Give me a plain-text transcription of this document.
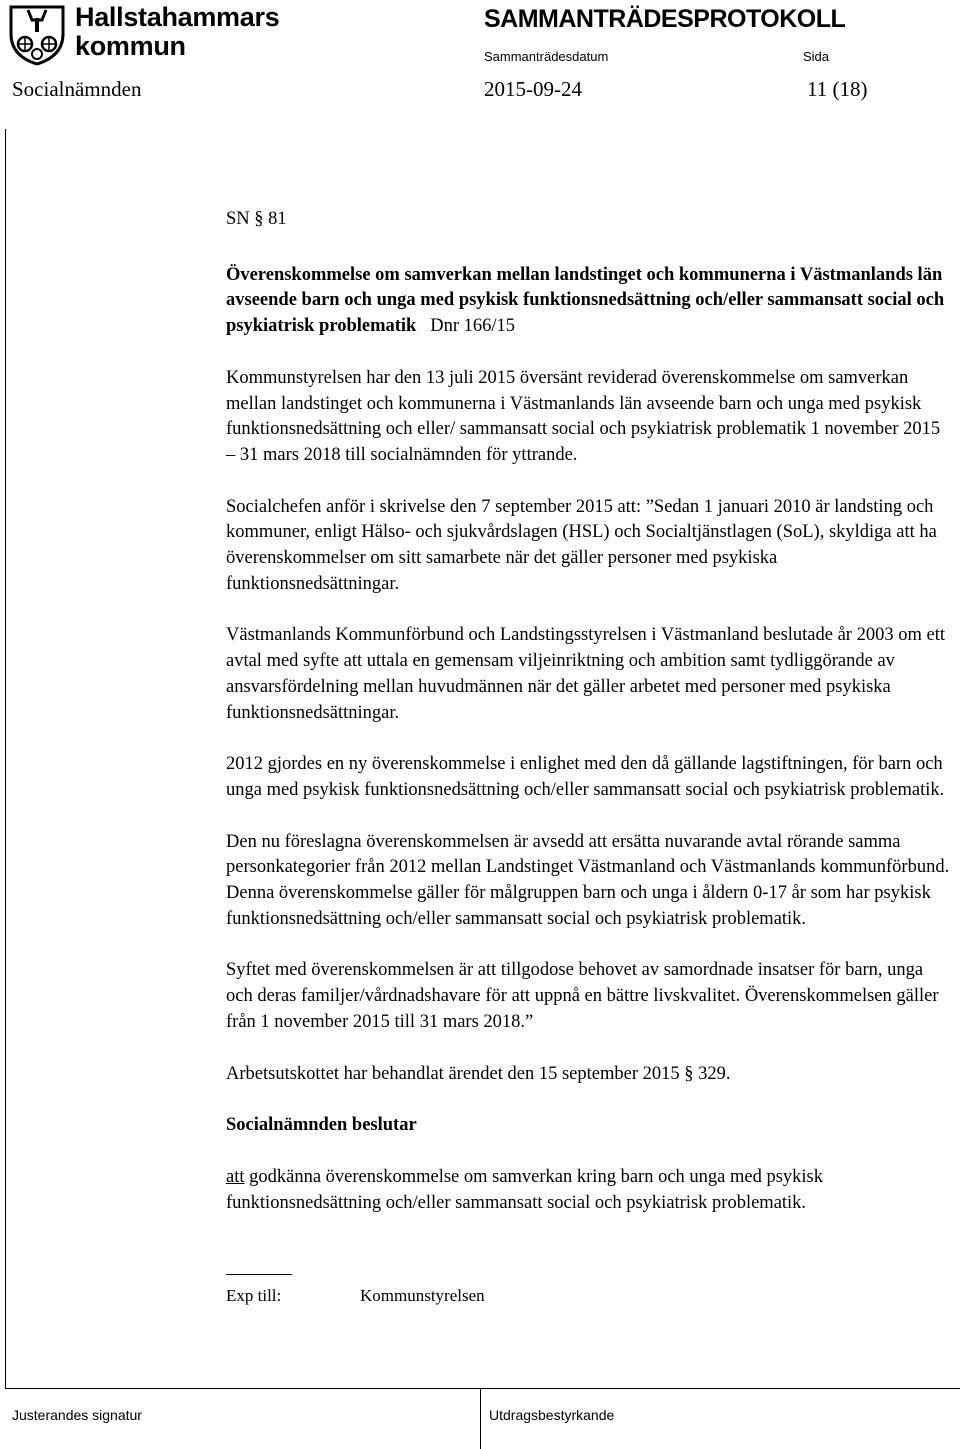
Hallstahammars
kommun
SAMMANTRÄDESPROTOKOLL
Sammanträdesdatum	Sida
Socialnämnden	2015-09-24	11 (18)

SN § 81

Överenskommelse om samverkan mellan landstinget och kommunerna i Västmanlands län avseende barn och unga med psykisk funktionsnedsättning och/eller sammansatt social och psykiatrisk problematik Dnr 166/15

Kommunstyrelsen har den 13 juli 2015 översänt reviderad överenskommelse om samverkan mellan landstinget och kommunerna i Västmanlands län avseende barn och unga med psykisk funktionsnedsättning och eller/ sammansatt social och psykiatrisk problematik 1 november 2015 – 31 mars 2018 till socialnämnden för yttrande.

Socialchefen anför i skrivelse den 7 september 2015 att: ”Sedan 1 januari 2010 är landsting och kommuner, enligt Hälso- och sjukvårdslagen (HSL) och Socialtjänstlagen (SoL), skyldiga att ha överenskommelser om sitt samarbete när det gäller personer med psykiska funktionsnedsättningar.

Västmanlands Kommunförbund och Landstingsstyrelsen i Västmanland beslutade år 2003 om ett avtal med syfte att uttala en gemensam viljeinriktning och ambition samt tydliggörande av ansvarsfördelning mellan huvudmännen när det gäller arbetet med personer med psykiska funktionsnedsättningar.

2012 gjordes en ny överenskommelse i enlighet med den då gällande lagstiftningen, för barn och unga med psykisk funktionsnedsättning och/eller sammansatt social och psykiatrisk problematik.

Den nu föreslagna överenskommelsen är avsedd att ersätta nuvarande avtal rörande samma personkategorier från 2012 mellan Landstinget Västmanland och Västmanlands kommunförbund. Denna överenskommelse gäller för målgruppen barn och unga i åldern 0-17 år som har psykisk funktionsnedsättning och/eller sammansatt social och psykiatrisk problematik.

Syftet med överenskommelsen är att tillgodose behovet av samordnade insatser för barn, unga och deras familjer/vårdnadshavare för att uppnå en bättre livskvalitet. Överenskommelsen gäller från 1 november 2015 till 31 mars 2018.”

Arbetsutskottet har behandlat ärendet den 15 september 2015 § 329.

Socialnämnden beslutar

att godkänna överenskommelse om samverkan kring barn och unga med psykisk funktionsnedsättning och/eller sammansatt social och psykiatrisk problematik.

Exp till:	Kommunstyrelsen

Justerandes signatur	Utdragsbestyrkande
